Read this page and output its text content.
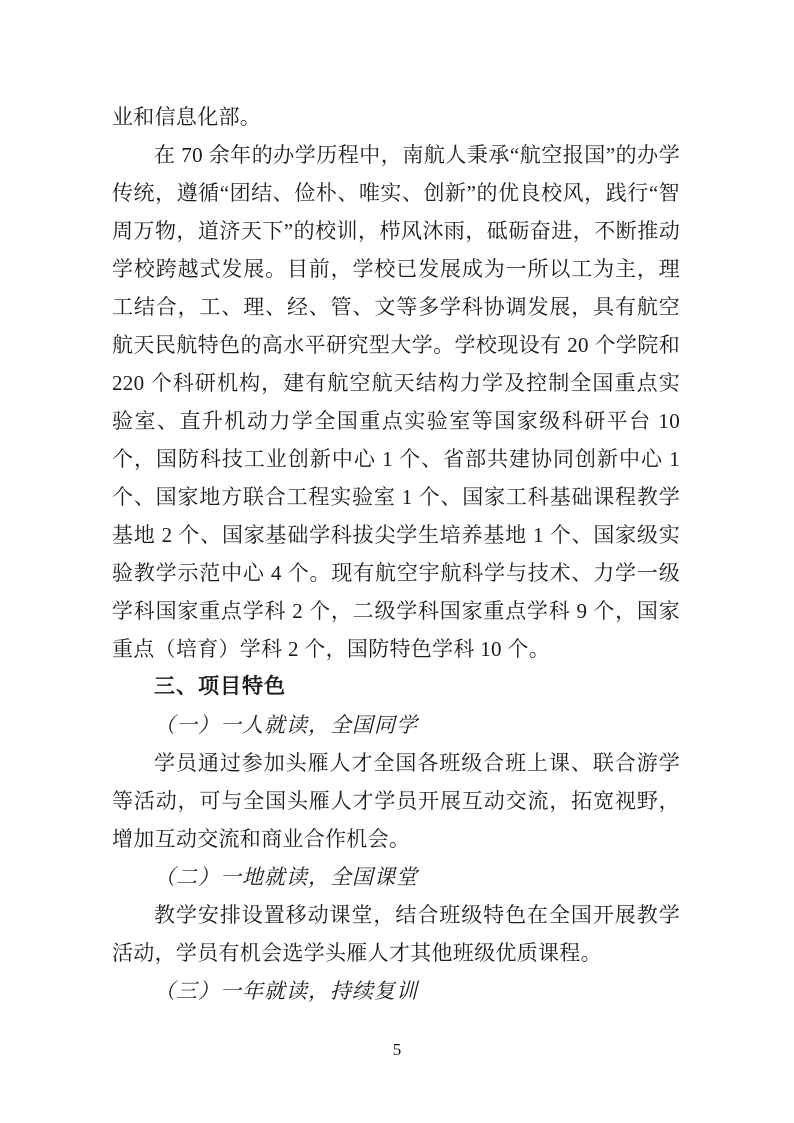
业和信息化部。

在 70 余年的办学历程中，南航人秉承“航空报国”的办学传统，遵循“团结、俭朴、唯实、创新”的优良校风，践行“智周万物，道济天下”的校训，栉风沐雨，砥砺奋进，不断推动学校跨越式发展。目前，学校已发展成为一所以工为主，理工结合，工、理、经、管、文等多学科协调发展，具有航空航天民航特色的高水平研究型大学。学校现设有 20 个学院和 220 个科研机构，建有航空航天结构力学及控制全国重点实验室、直升机动力学全国重点实验室等国家级科研平台 10 个，国防科技工业创新中心 1 个、省部共建协同创新中心 1 个、国家地方联合工程实验室 1 个、国家工科基础课程教学基地 2 个、国家基础学科拔尖学生培养基地 1 个、国家级实验教学示范中心 4 个。现有航空宇航科学与技术、力学一级学科国家重点学科 2 个，二级学科国家重点学科 9 个，国家重点（培育）学科 2 个，国防特色学科 10 个。

三、项目特色

（一）一人就读，全国同学

学员通过参加头雁人才全国各班级合班上课、联合游学等活动，可与全国头雁人才学员开展互动交流，拓宽视野，增加互动交流和商业合作机会。

（二）一地就读，全国课堂

教学安排设置移动课堂，结合班级特色在全国开展教学活动，学员有机会选学头雁人才其他班级优质课程。

（三）一年就读，持续复训

5
